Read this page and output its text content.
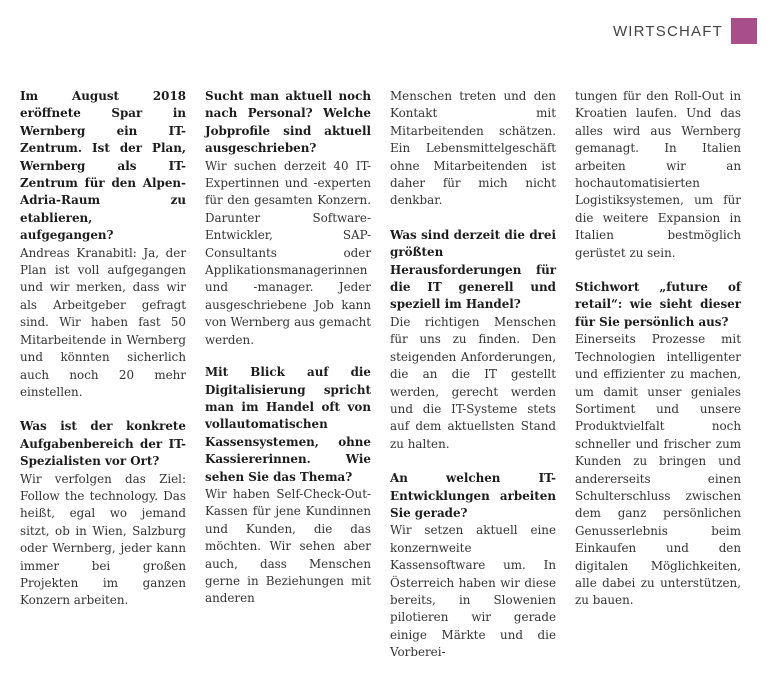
WIRTSCHAFT

Im August 2018 eröffnete Spar in Wernberg ein IT-Zentrum. Ist der Plan, Wernberg als IT-Zentrum für den Alpen-Adria-Raum zu etablieren, aufgegangen?

Andreas Kranabitl: Ja, der Plan ist voll aufgegangen und wir merken, dass wir als Arbeitgeber gefragt sind. Wir haben fast 50 Mitarbeitende in Wernberg und könnten sicherlich auch noch 20 mehr einstellen.

Was ist der konkrete Aufgabenbereich der IT-Spezialisten vor Ort?

Wir verfolgen das Ziel: Follow the technology. Das heißt, egal wo jemand sitzt, ob in Wien, Salzburg oder Wernberg, jeder kann immer bei großen Projekten im ganzen Konzern arbeiten.

Sucht man aktuell noch nach Personal? Welche Jobprofile sind aktuell ausgeschrieben?

Wir suchen derzeit 40 IT-Expertinnen und -experten für den gesamten Konzern. Darunter Software-Entwickler, SAP-Consultants oder Applikationsmanagerinnen und -manager. Jeder ausgeschriebene Job kann von Wernberg aus gemacht werden.

Mit Blick auf die Digitalisierung spricht man im Handel oft von vollautomatischen Kassensystemen, ohne Kassiererinnen. Wie sehen Sie das Thema?

Wir haben Self-Check-Out-Kassen für jene Kundinnen und Kunden, die das möchten. Wir sehen aber auch, dass Menschen gerne in Beziehungen mit anderen

Menschen treten und den Kontakt mit Mitarbeitenden schätzen. Ein Lebensmittelgeschäft ohne Mitarbeitenden ist daher für mich nicht denkbar.

Was sind derzeit die drei größten Herausforderungen für die IT generell und speziell im Handel?

Die richtigen Menschen für uns zu finden. Den steigenden Anforderungen, die an die IT gestellt werden, gerecht werden und die IT-Systeme stets auf dem aktuellsten Stand zu halten.

An welchen IT-Entwicklungen arbeiten Sie gerade?

Wir setzen aktuell eine konzernweite Kassensoftware um. In Österreich haben wir diese bereits, in Slowenien pilotieren wir gerade einige Märkte und die Vorberei-

tungen für den Roll-Out in Kroatien laufen. Und das alles wird aus Wernberg gemanagt. In Italien arbeiten wir an hochautomatisierten Logistiksystemen, um für die weitere Expansion in Italien bestmöglich gerüstet zu sein.

Stichwort „future of retail“: wie sieht dieser für Sie persönlich aus?

Einerseits Prozesse mit Technologien intelligenter und effizienter zu machen, um damit unser geniales Sortiment und unsere Produktvielfalt noch schneller und frischer zum Kunden zu bringen und andererseits einen Schulterschluss zwischen dem ganz persönlichen Genusserlebnis beim Einkaufen und den digitalen Möglichkeiten, alle dabei zu unterstützen, zu bauen.
